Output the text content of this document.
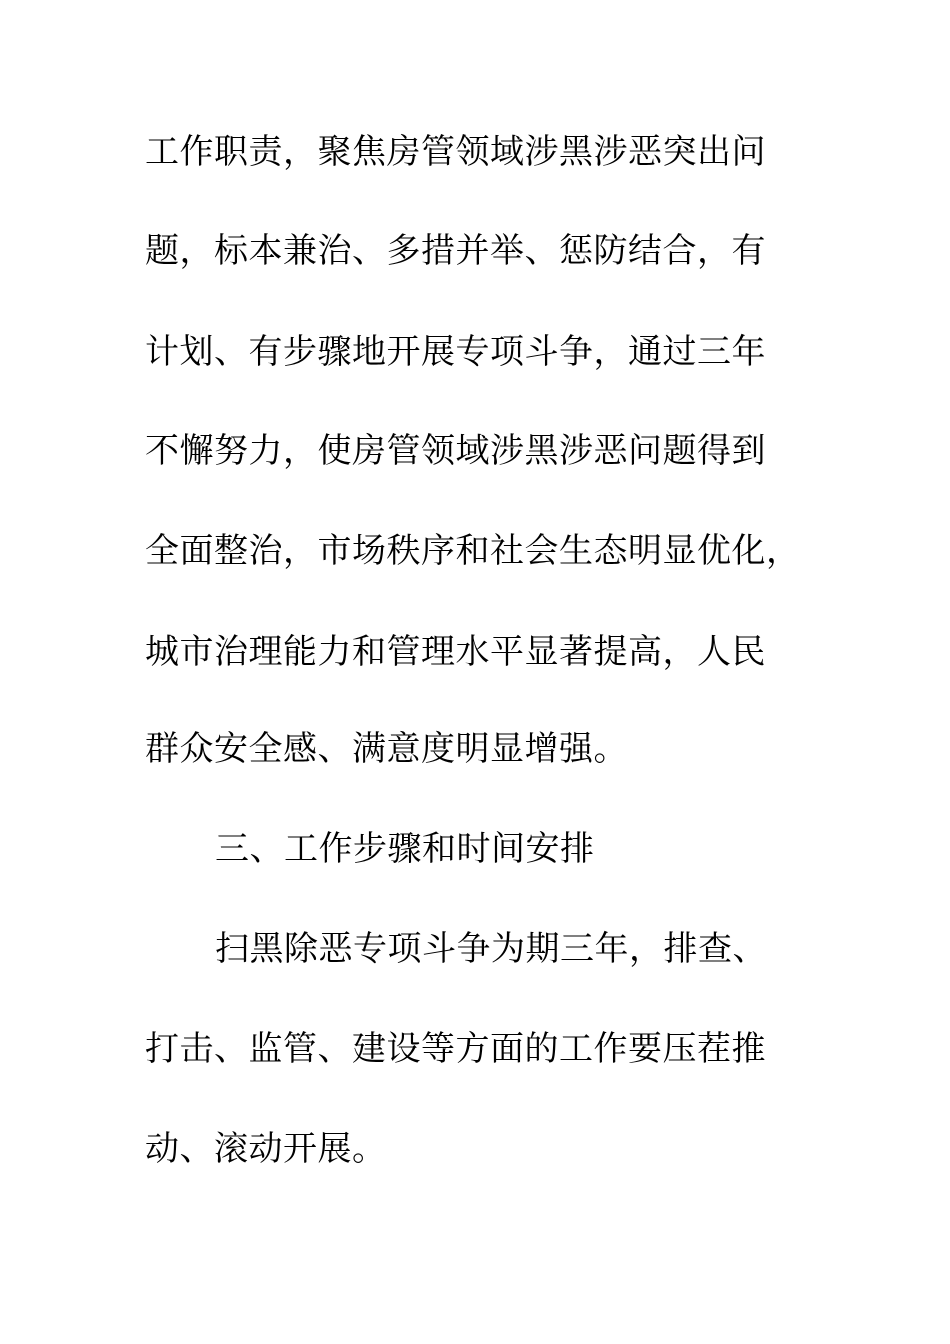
工作职责，聚焦房管领域涉黑涉恶突出问
题，标本兼治、多措并举、惩防结合，有
计划、有步骤地开展专项斗争，通过三年
不懈努力，使房管领域涉黑涉恶问题得到
全面整治，市场秩序和社会生态明显优化，
城市治理能力和管理水平显著提高，人民
群众安全感、满意度明显增强。
三、工作步骤和时间安排
扫黑除恶专项斗争为期三年，排查、
打击、监管、建设等方面的工作要压茬推
动、滚动开展。
